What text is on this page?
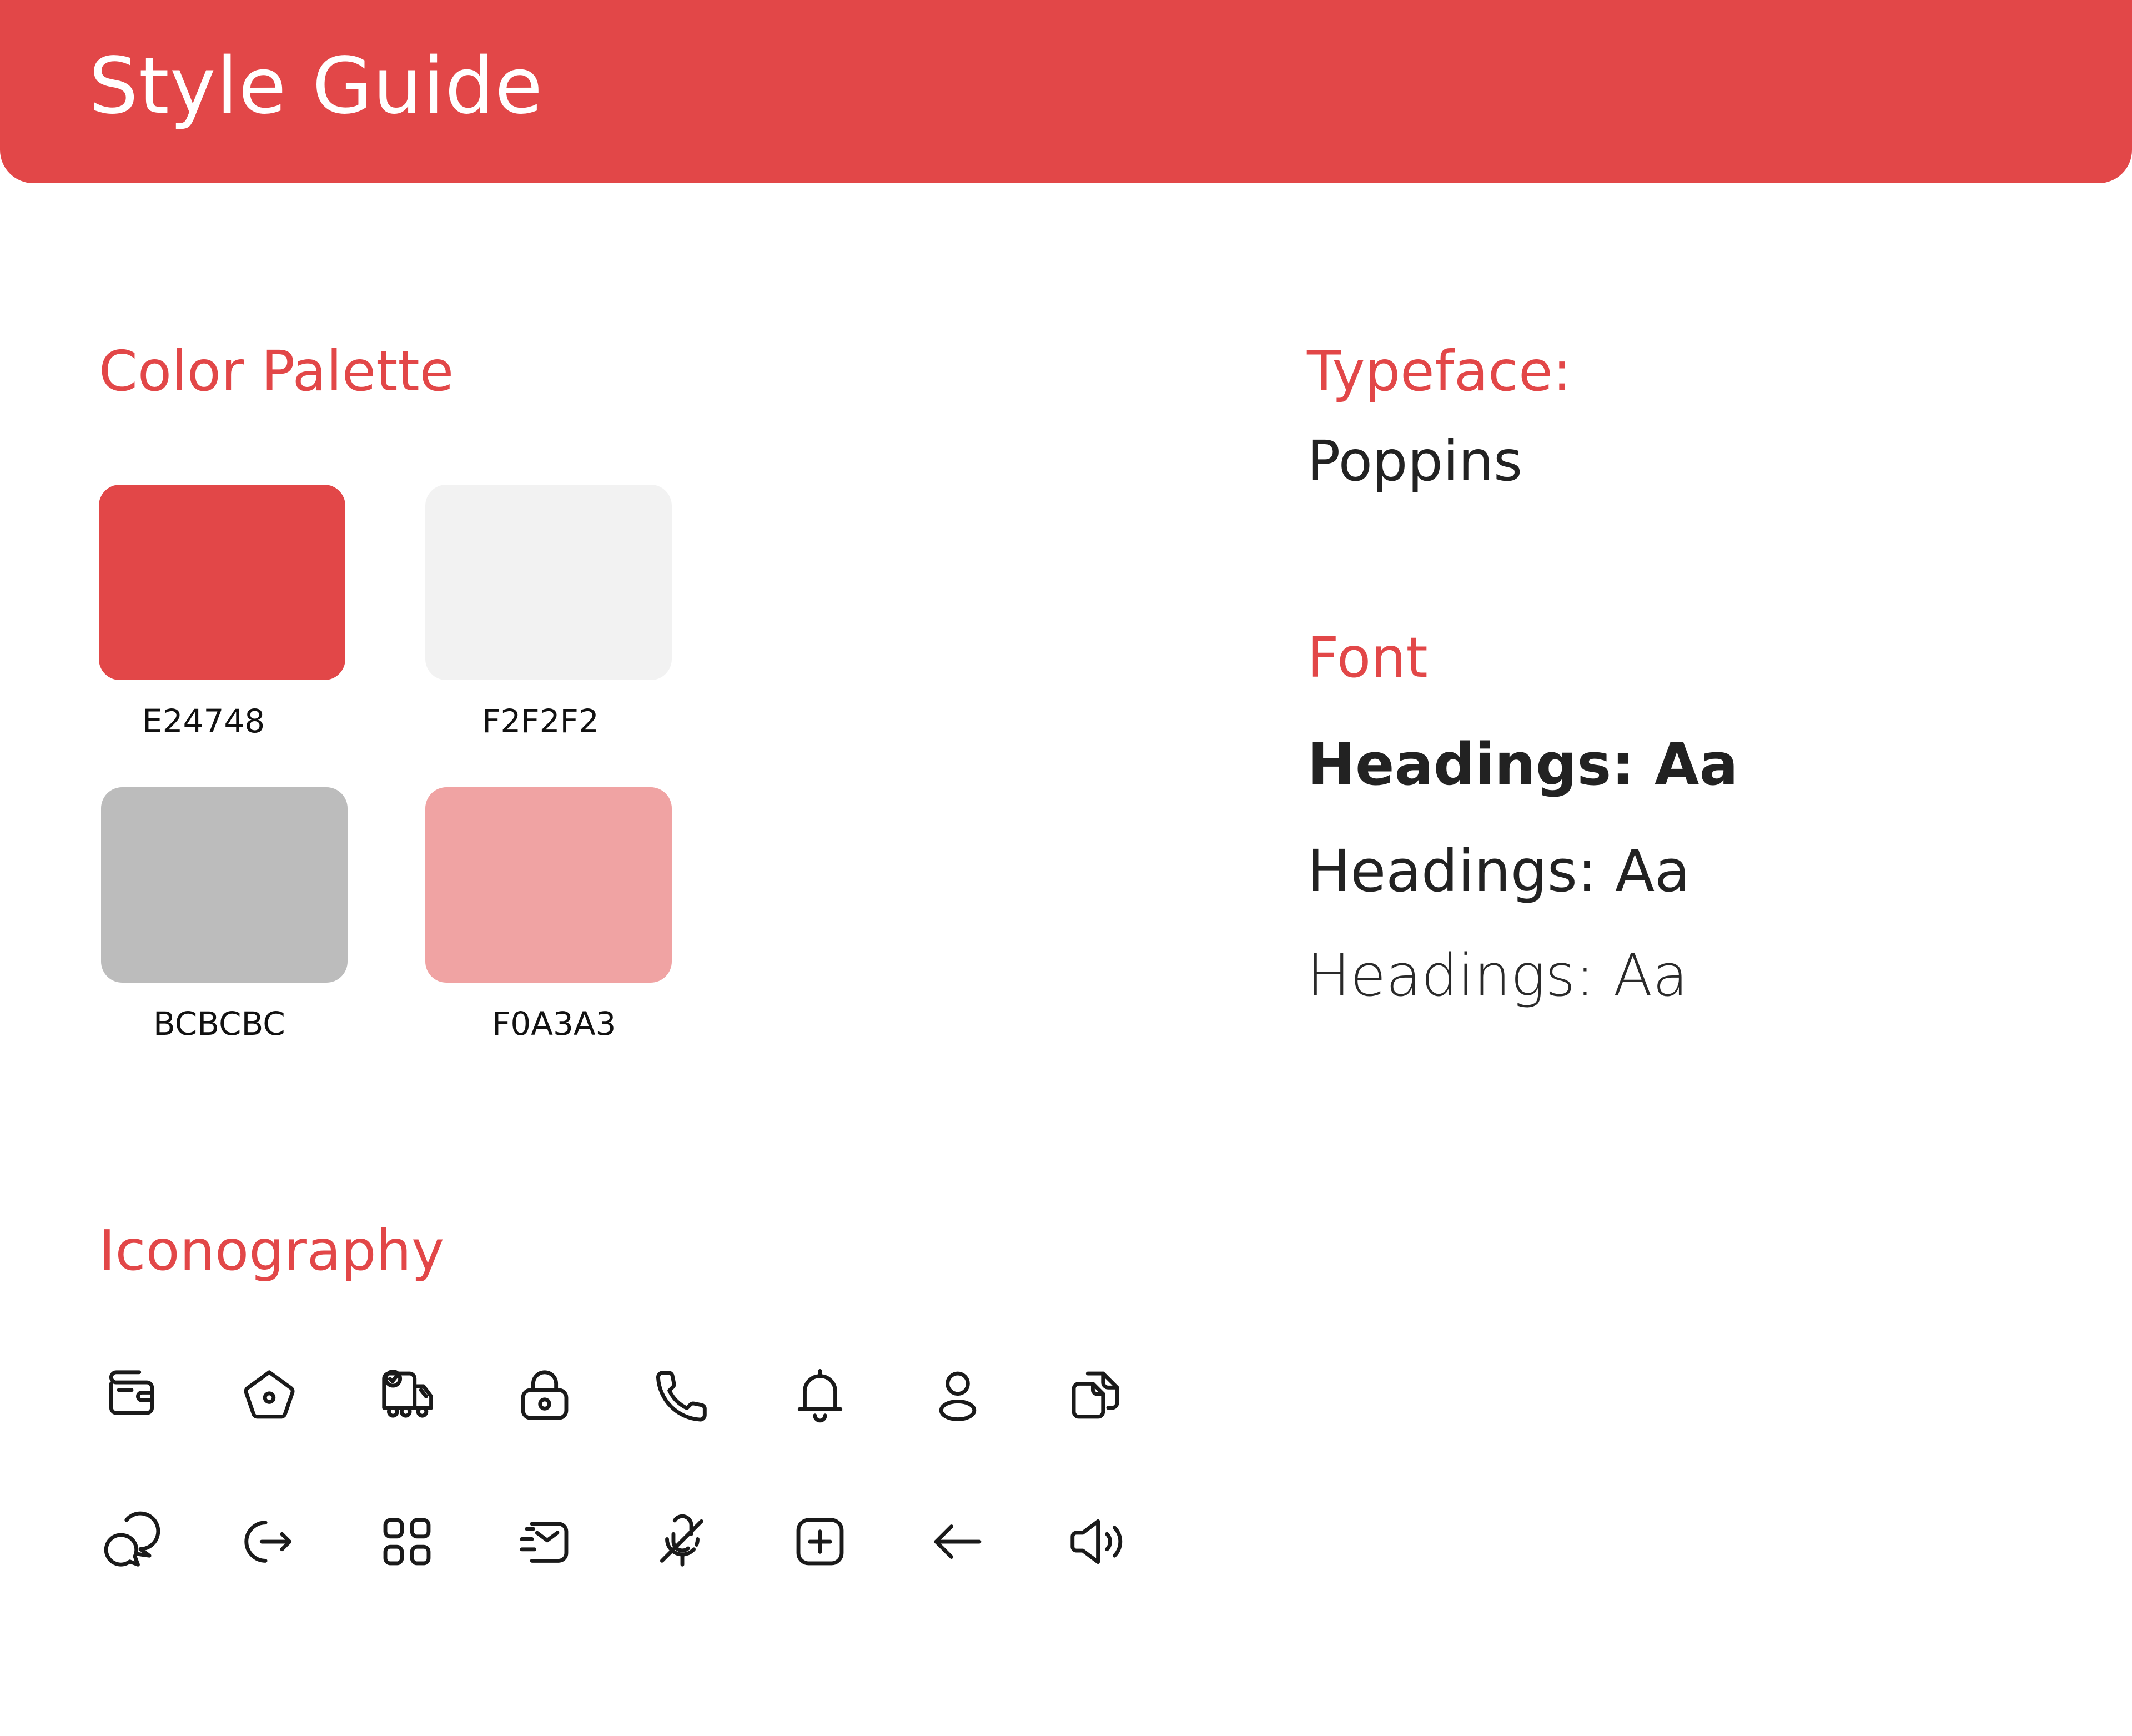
Style Guide
Color Palette
E24748	F2F2F2
BCBCBC	F0A3A3
Typeface:
Poppins
Font
Headings: Aa
Headings: Aa
Headings: Aa
Iconography
